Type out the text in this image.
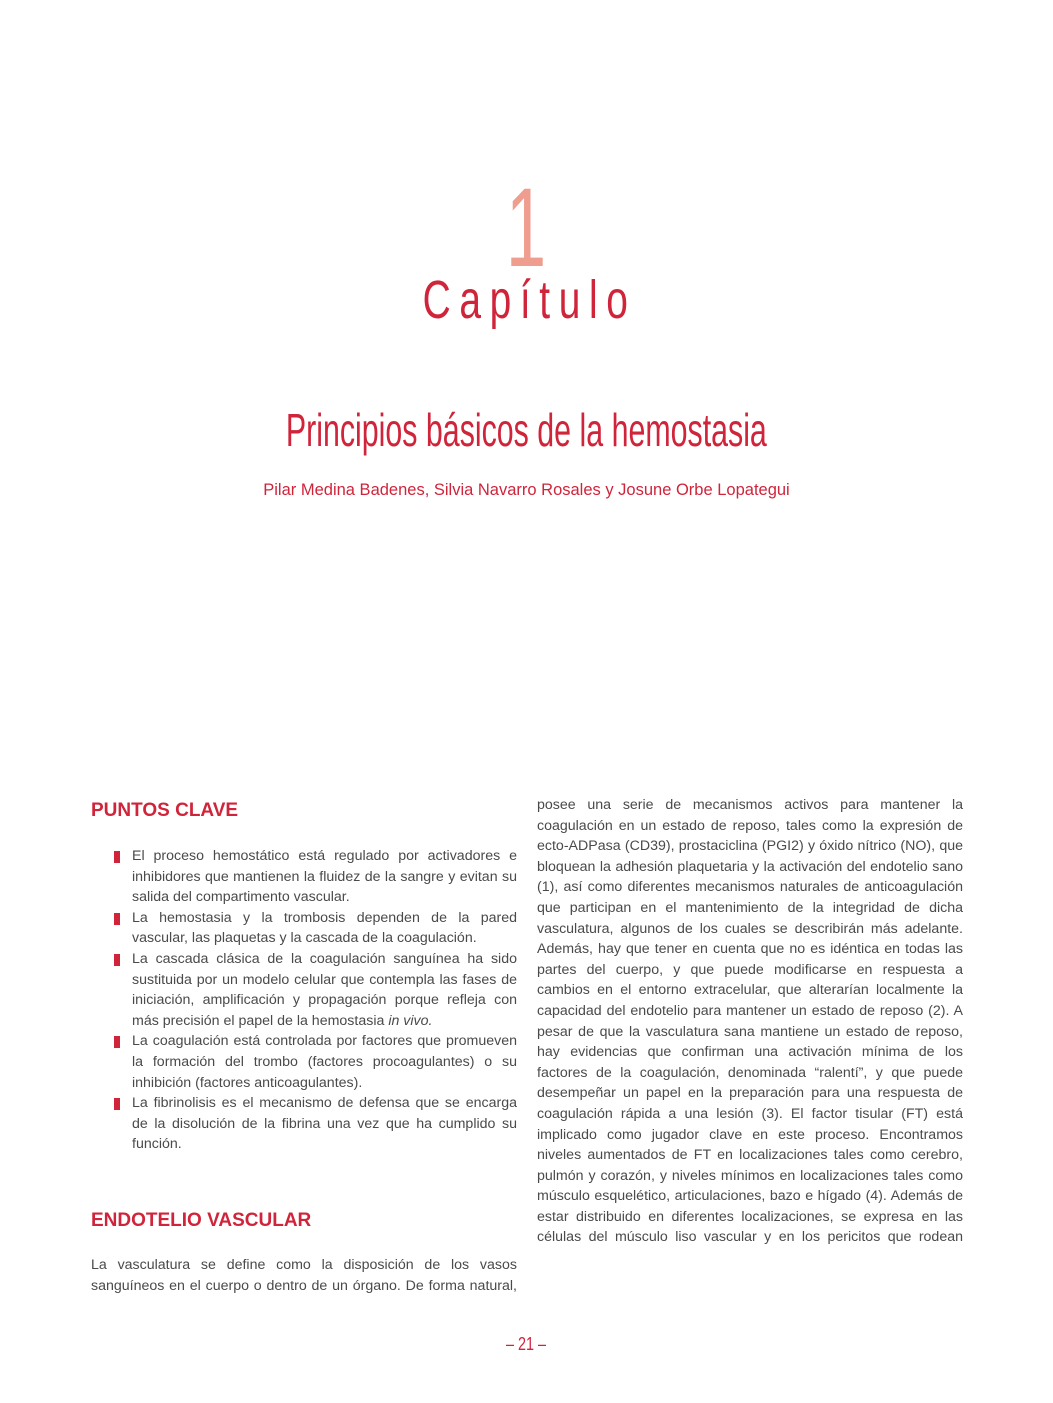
1
Capítulo
Principios básicos de la hemostasia
Pilar Medina Badenes, Silvia Navarro Rosales y Josune Orbe Lopategui
PUNTOS CLAVE
El proceso hemostático está regulado por activadores e inhibidores que mantienen la fluidez de la sangre y evitan su salida del compartimento vascular.
La hemostasia y la trombosis dependen de la pared vascular, las plaquetas y la cascada de la coagulación.
La cascada clásica de la coagulación sanguínea ha sido sustituida por un modelo celular que contempla las fases de iniciación, amplificación y propagación porque refleja con más precisión el papel de la hemostasia in vivo.
La coagulación está controlada por factores que promueven la formación del trombo (factores procoagulantes) o su inhibición (factores anticoagulantes).
La fibrinolisis es el mecanismo de defensa que se encarga de la disolución de la fibrina una vez que ha cumplido su función.
ENDOTELIO VASCULAR

La vasculatura se define como la disposición de los vasos sanguíneos en el cuerpo o dentro de un órgano. De forma natural,

posee una serie de mecanismos activos para mantener la coagulación en un estado de reposo, tales como la expresión de ecto-ADPasa (CD39), prostaciclina (PGI2) y óxido nítrico (NO), que bloquean la adhesión plaquetaria y la activación del endotelio sano (1), así como diferentes mecanismos naturales de anticoagulación que participan en el mantenimiento de la integridad de dicha vasculatura, algunos de los cuales se describirán más adelante. Además, hay que tener en cuenta que no es idéntica en todas las partes del cuerpo, y que puede modificarse en respuesta a cambios en el entorno extracelular, que alterarían localmente la capacidad del endotelio para mantener un estado de reposo (2). A pesar de que la vasculatura sana mantiene un estado de reposo, hay evidencias que confirman una activación mínima de los factores de la coagulación, denominada “ralentí”, y que puede desempeñar un papel en la preparación para una respuesta de coagulación rápida a una lesión (3). El factor tisular (FT) está implicado como jugador clave en este proceso. Encontramos niveles aumentados de FT en localizaciones tales como cerebro, pulmón y corazón, y niveles mínimos en localizaciones tales como músculo esquelético, articulaciones, bazo e hígado (4). Además de estar distribuido en diferentes localizaciones, se expresa en las células del músculo liso vascular y en los pericitos que rodean

– 21 –
